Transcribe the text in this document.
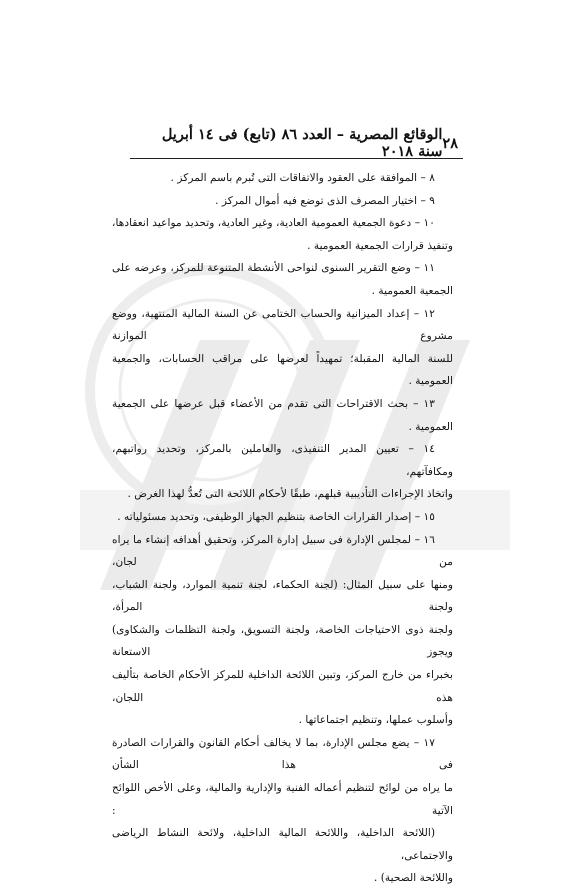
٢٨
الوقائع المصرية – العدد ٨٦ (تابع) فى ١٤ أبريل سنة ٢٠١٨

٨ – الموافقة على العقود والاتفاقات التى تُبرم باسم المركز .

٩ – اختيار المصرف الذى توضع فيه أموال المركز .

١٠ – دعوة الجمعية العمومية العادية، وغير العادية، وتحديد مواعيد انعقادها،

وتنفيذ قرارات الجمعية العمومية .

١١ – وضع التقرير السنوى لنواحى الأنشطة المتنوعة للمركز، وعرضه على

الجمعية العمومية .

١٢ – إعداد الميزانية والحساب الختامى عن السنة المالية المنتهية، ووضع مشروع الموازنة

للسنة المالية المقبلة؛ تمهيداً لعرضها على مراقب الحسابات، والجمعية العمومية .

١٣ – بحث الاقتراحات التى تقدم من الأعضاء قبل عرضها على الجمعية العمومية .

١٤ – تعيين المدير التنفيذى، والعاملين بالمركز، وتحديد رواتبهم، ومكافآتهم،

واتخاذ الإجراءات التأديبية قبلهم، طبقًا لأحكام اللائحة التى تُعدُّ لهذا الغرض .

١٥ – إصدار القرارات الخاصة بتنظيم الجهاز الوظيفى، وتحديد مسئولياته .

١٦ – لمجلس الإدارة فى سبيل إدارة المركز، وتحقيق أهدافه إنشاء ما يراه من لجان،

ومنها على سبيل المثال: (لجنة الحكماء، لجنة تنمية الموارد، ولجنة الشباب، ولجنة المرأة،

ولجنة ذوى الاحتياجات الخاصة، ولجنة التسويق، ولجنة التظلمات والشكاوى) ويجوز الاستعانة

بخبراء من خارج المركز، وتبين اللائحة الداخلية للمركز الأحكام الخاصة بتأليف هذه اللجان،

وأسلوب عملها، وتنظيم اجتماعاتها .

١٧ – يضع مجلس الإدارة، بما لا يخالف أحكام القانون والقرارات الصادرة فى هذا الشأن

ما يراه من لوائح لتنظيم أعماله الفنية والإدارية والمالية، وعلى الأخص اللوائح الآتية :

(اللائحة الداخلية، واللائحة المالية الداخلية، ولائحة النشاط الرياضى والاجتماعى،

واللائحة الصحية) .
